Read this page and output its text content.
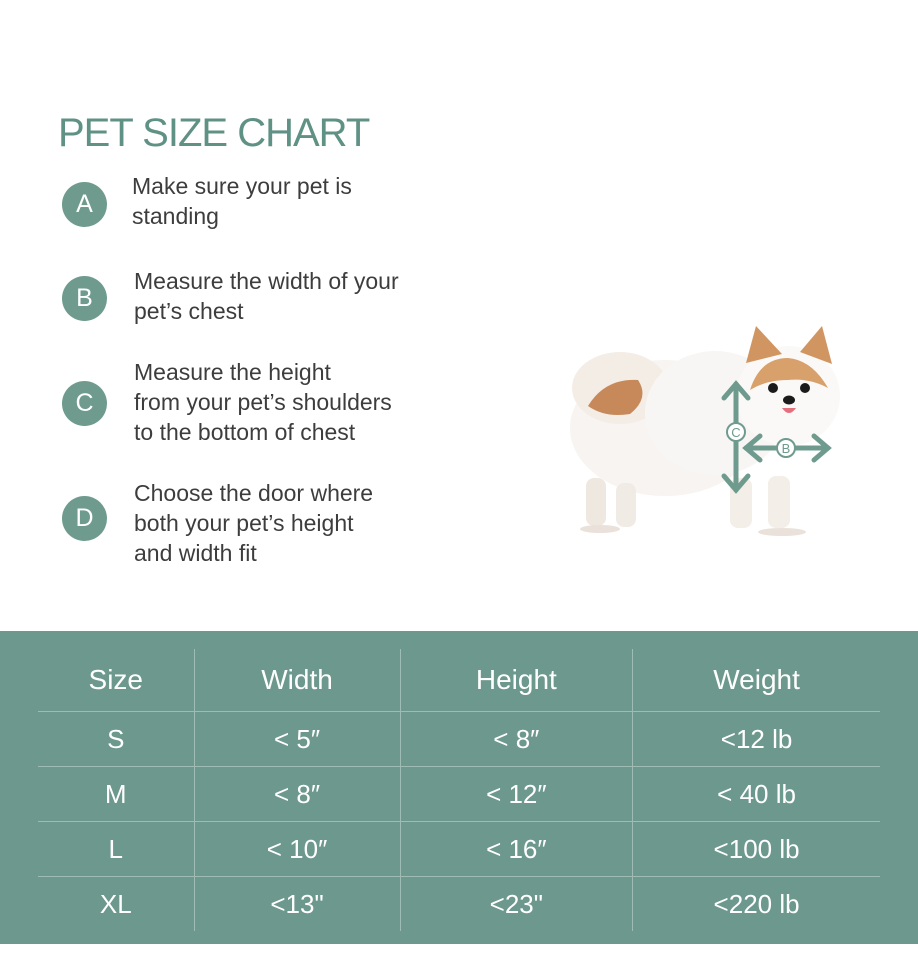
PET SIZE CHART
A
Make sure your pet is
standing
B
Measure the width of your
pet’s chest
C
Measure the height
from your pet’s shoulders
to the bottom of chest
D
Choose the door where
both your pet’s height
and width fit
C
B
Size	Width	Height	Weight
S	< 5″	< 8″	<12 lb
M	< 8″	< 12″	< 40 lb
L	< 10″	< 16″	<100 lb
XL	<13"	<23"	<220 lb
